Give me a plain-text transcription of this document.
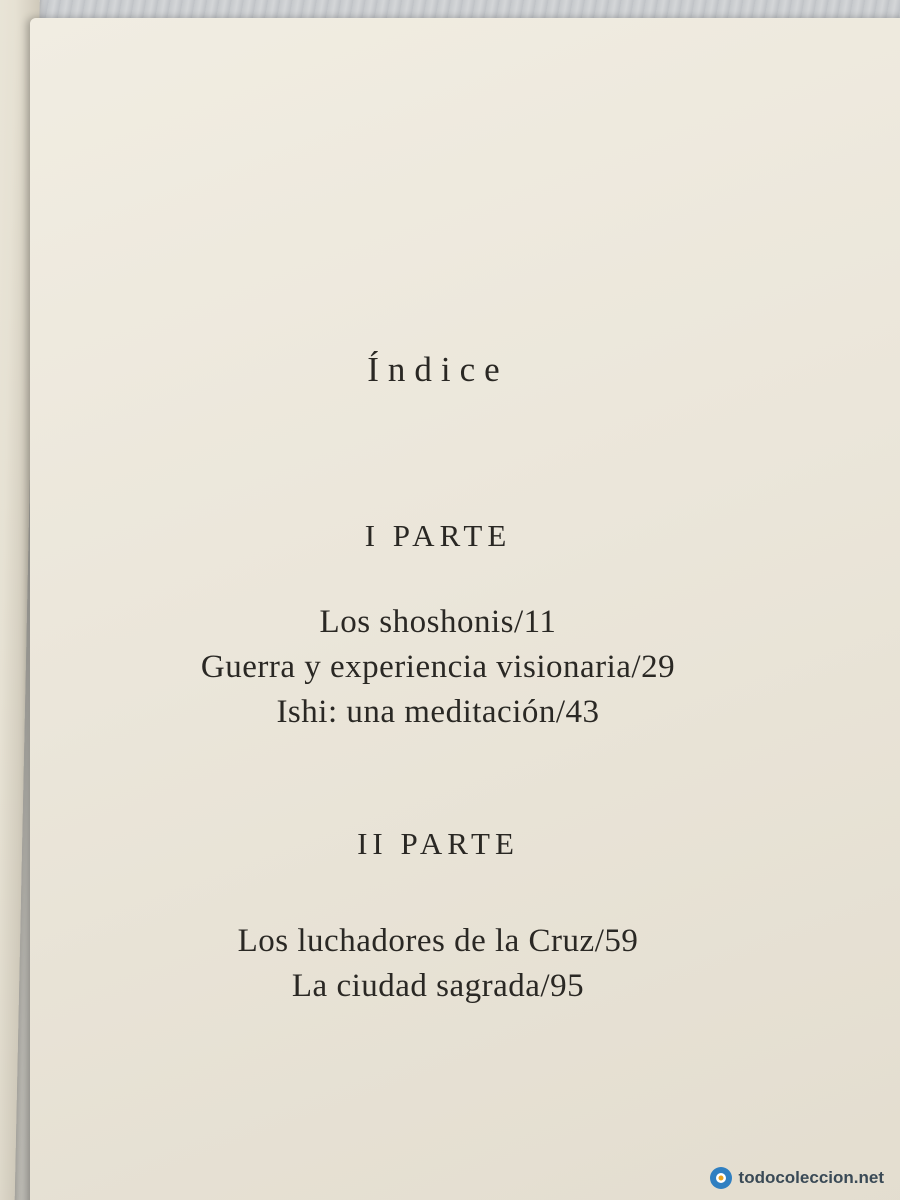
Índice
I PARTE
Los shoshonis/11
Guerra y experiencia visionaria/29
Ishi: una meditación/43
II PARTE
Los luchadores de la Cruz/59
La ciudad sagrada/95
todocoleccion.net
